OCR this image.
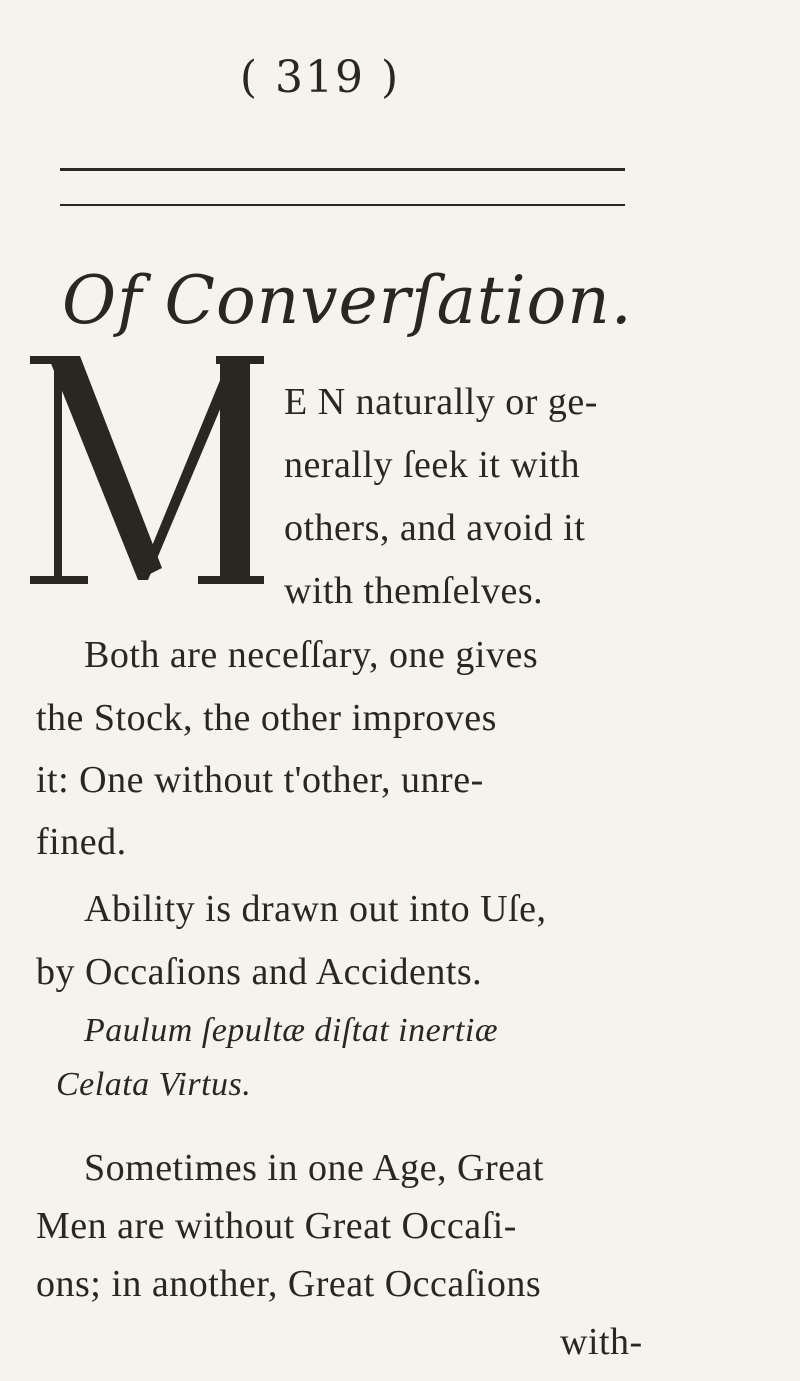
( 319 )
Of Converſation.
E N naturally or ge-
nerally ſeek it with
others, and avoid it
with themſelves.
Both are neceſſary, one gives
the Stock, the other improves
it: One without t'other, unre-
fined.
Ability is drawn out into Uſe,
by Occaſions and Accidents.
Paulum ſepultæ diſtat inertiæ
Celata Virtus.
Sometimes in one Age, Great
Men are without Great Occaſi-
ons; in another, Great Occaſions
with-
